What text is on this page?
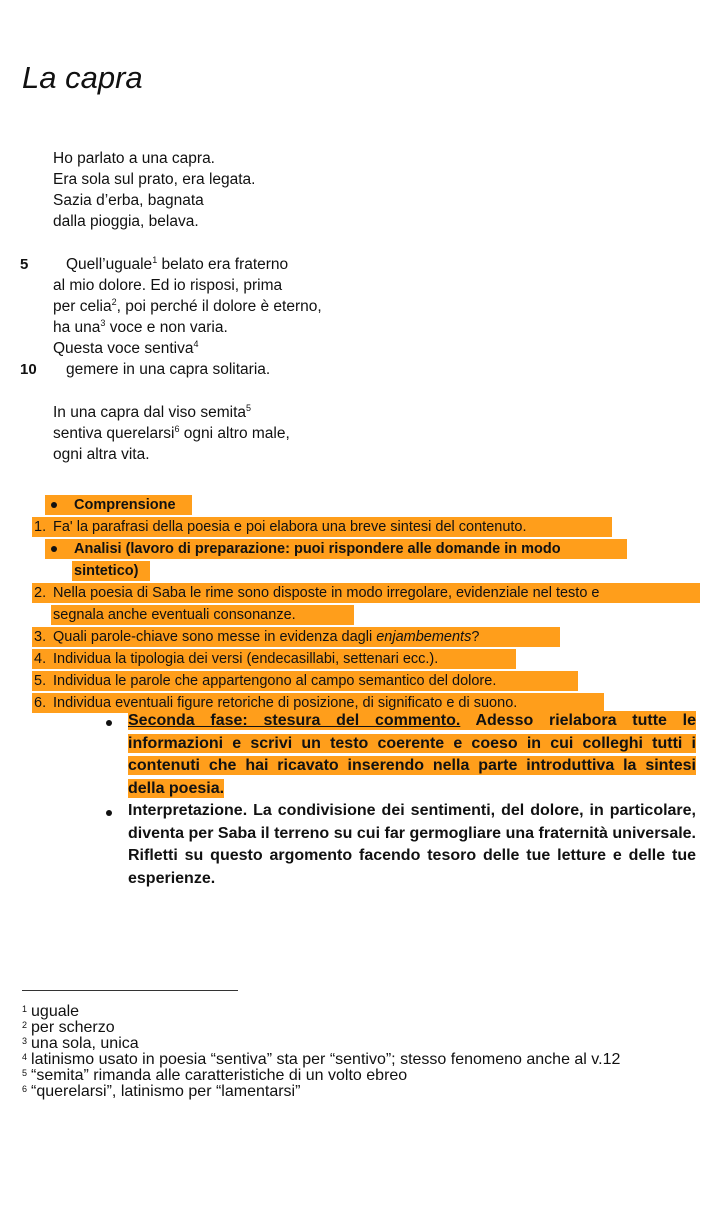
La capra
Ho parlato a una capra.
Era sola sul prato, era legata.
Sazia d’erba, bagnata
dalla pioggia, belava.
5 Quell’uguale$^1$ belato era fraterno
al mio dolore. Ed io risposi, prima
per celia$^2$, poi perché il dolore è eterno,
ha una$^3$ voce e non varia.
Questa voce sentiva$^4$
10 gemere in una capra solitaria.
In una capra dal viso semita$^5$
sentiva querelarsi$^6$ ogni altro male,
ogni altra vita.
Comprensione
1. Fa' la parafrasi della poesia e poi elabora una breve sintesi del contenuto.
Analisi (lavoro di preparazione: puoi rispondere alle domande in modo
sintetico)
2. Nella poesia di Saba le rime sono disposte in modo irregolare, evidenziale nel testo e
segnala anche eventuali consonanze.
3. Quali parole-chiave sono messe in evidenza dagli enjambements?
4. Individua la tipologia dei versi (endecasillabi, settenari ecc.).
5. Individua le parole che appartengono al campo semantico del dolore.
6. Individua eventuali figure retoriche di posizione, di significato e di suono.
Seconda fase: stesura del commento. Adesso rielabora tutte le informazioni e scrivi un testo coerente e coeso in cui colleghi tutti i contenuti che hai ricavato inserendo nella parte introduttiva la sintesi della poesia.
Interpretazione. La condivisione dei sentimenti, del dolore, in particolare, diventa per Saba il terreno su cui far germogliare una fraternità universale. Rifletti su questo argomento facendo tesoro delle tue letture e delle tue esperienze.
$^1$ uguale
$^2$ per scherzo
$^3$ una sola, unica
$^4$ latinismo usato in poesia “sentiva” sta per “sentivo”; stesso fenomeno anche al v.12
$^5$ “semita” rimanda alle caratteristiche di un volto ebreo
$^6$ “querelarsi”, latinismo per “lamentarsi”
